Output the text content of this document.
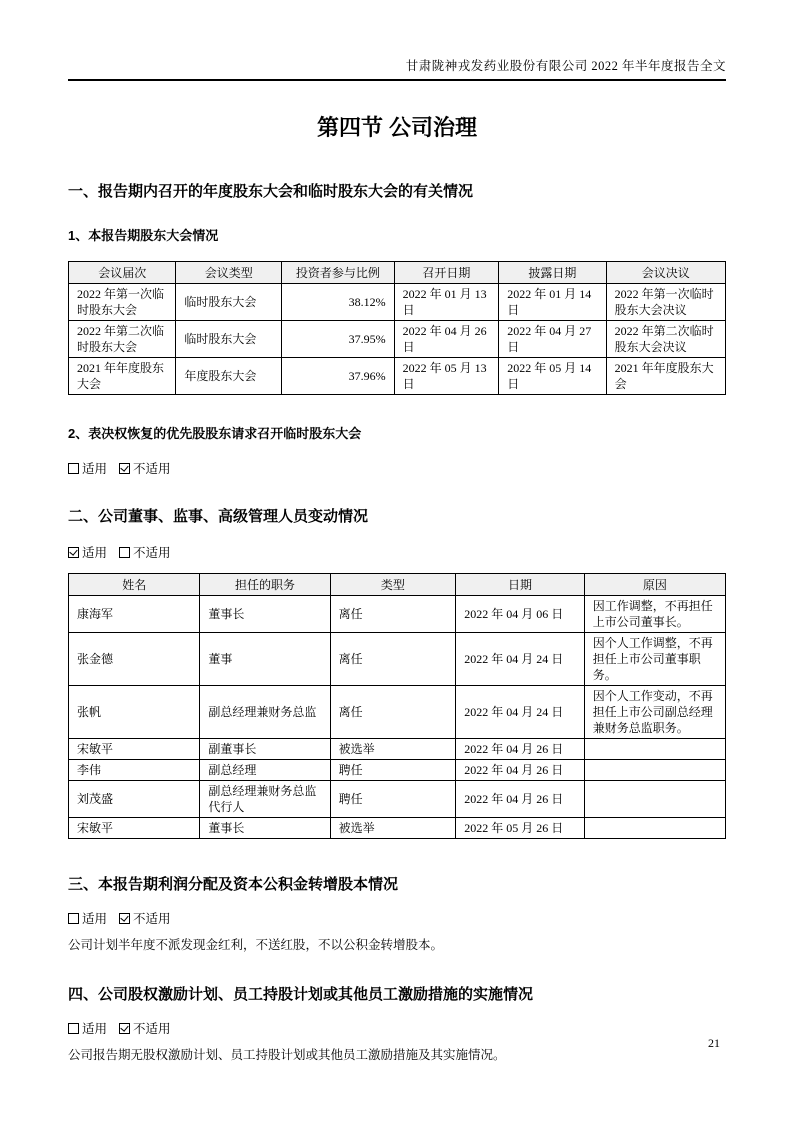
甘肃陇神戎发药业股份有限公司 2022 年半年度报告全文
第四节 公司治理
一、报告期内召开的年度股东大会和临时股东大会的有关情况
1、本报告期股东大会情况
会议届次	会议类型	投资者参与比例	召开日期	披露日期	会议决议
2022 年第一次临时股东大会	临时股东大会	38.12%	2022 年 01 月 13 日	2022 年 01 月 14 日	2022 年第一次临时股东大会决议
2022 年第二次临时股东大会	临时股东大会	37.95%	2022 年 04 月 26 日	2022 年 04 月 27 日	2022 年第二次临时股东大会决议
2021 年年度股东大会	年度股东大会	37.96%	2022 年 05 月 13 日	2022 年 05 月 14 日	2021 年年度股东大会
2、表决权恢复的优先股股东请求召开临时股东大会
适用 不适用
二、公司董事、监事、高级管理人员变动情况
适用 不适用
姓名	担任的职务	类型	日期	原因
康海军	董事长	离任	2022 年 04 月 06 日	因工作调整，不再担任上市公司董事长。
张金德	董事	离任	2022 年 04 月 24 日	因个人工作调整，不再担任上市公司董事职务。
张帆	副总经理兼财务总监	离任	2022 年 04 月 24 日	因个人工作变动，不再担任上市公司副总经理兼财务总监职务。
宋敏平	副董事长	被选举	2022 年 04 月 26 日	
李伟	副总经理	聘任	2022 年 04 月 26 日	
刘茂盛	副总经理兼财务总监代行人	聘任	2022 年 04 月 26 日	
宋敏平	董事长	被选举	2022 年 05 月 26 日	
三、本报告期利润分配及资本公积金转增股本情况
适用 不适用
公司计划半年度不派发现金红利，不送红股，不以公积金转增股本。
四、公司股权激励计划、员工持股计划或其他员工激励措施的实施情况
适用 不适用
公司报告期无股权激励计划、员工持股计划或其他员工激励措施及其实施情况。
21
